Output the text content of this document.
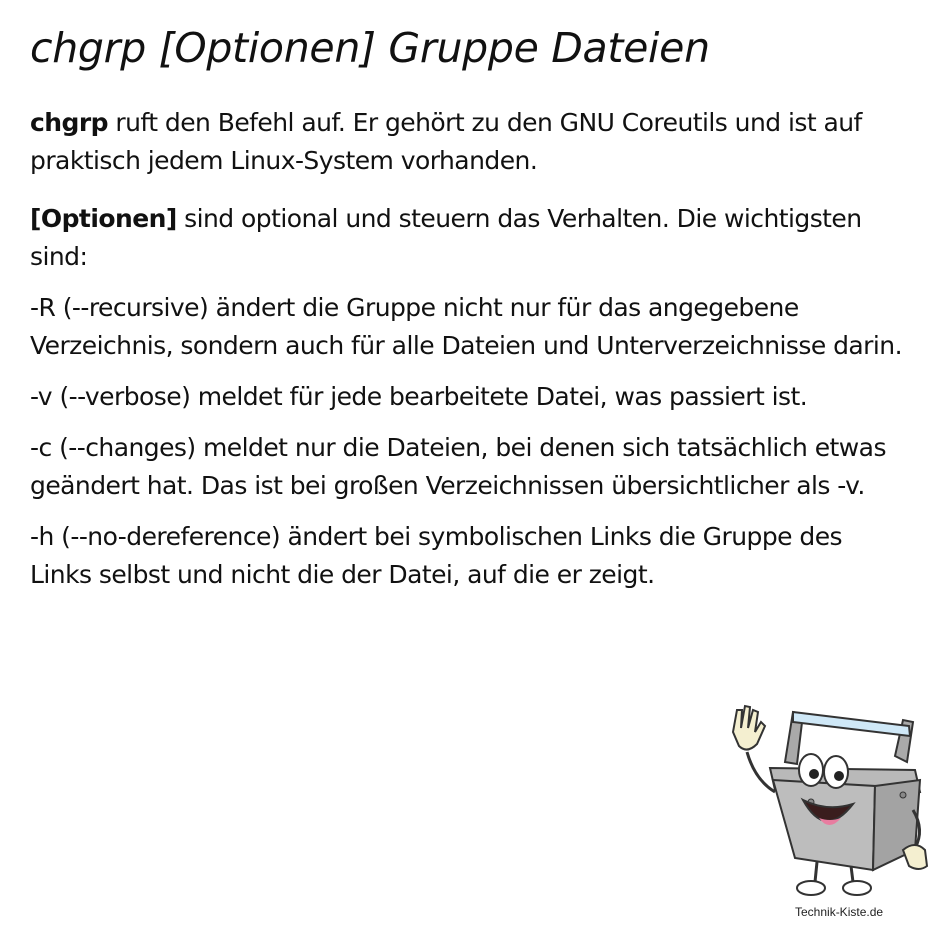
chgrp [Optionen] Gruppe Dateien

chgrp ruft den Befehl auf. Er gehört zu den GNU Coreutils und ist auf praktisch jedem Linux-System vorhanden.

[Optionen] sind optional und steuern das Verhalten. Die wichtigsten sind:

-R (--recursive) ändert die Gruppe nicht nur für das angegebene Verzeichnis, sondern auch für alle Dateien und Unterverzeichnisse darin.

-v (--verbose) meldet für jede bearbeitete Datei, was passiert ist.

-c (--changes) meldet nur die Dateien, bei denen sich tatsächlich etwas geändert hat. Das ist bei großen Verzeichnissen übersichtlicher als -v.

-h (--no-dereference) ändert bei symbolischen Links die Gruppe des Links selbst und nicht die der Datei, auf die er zeigt.

Technik-Kiste.de
